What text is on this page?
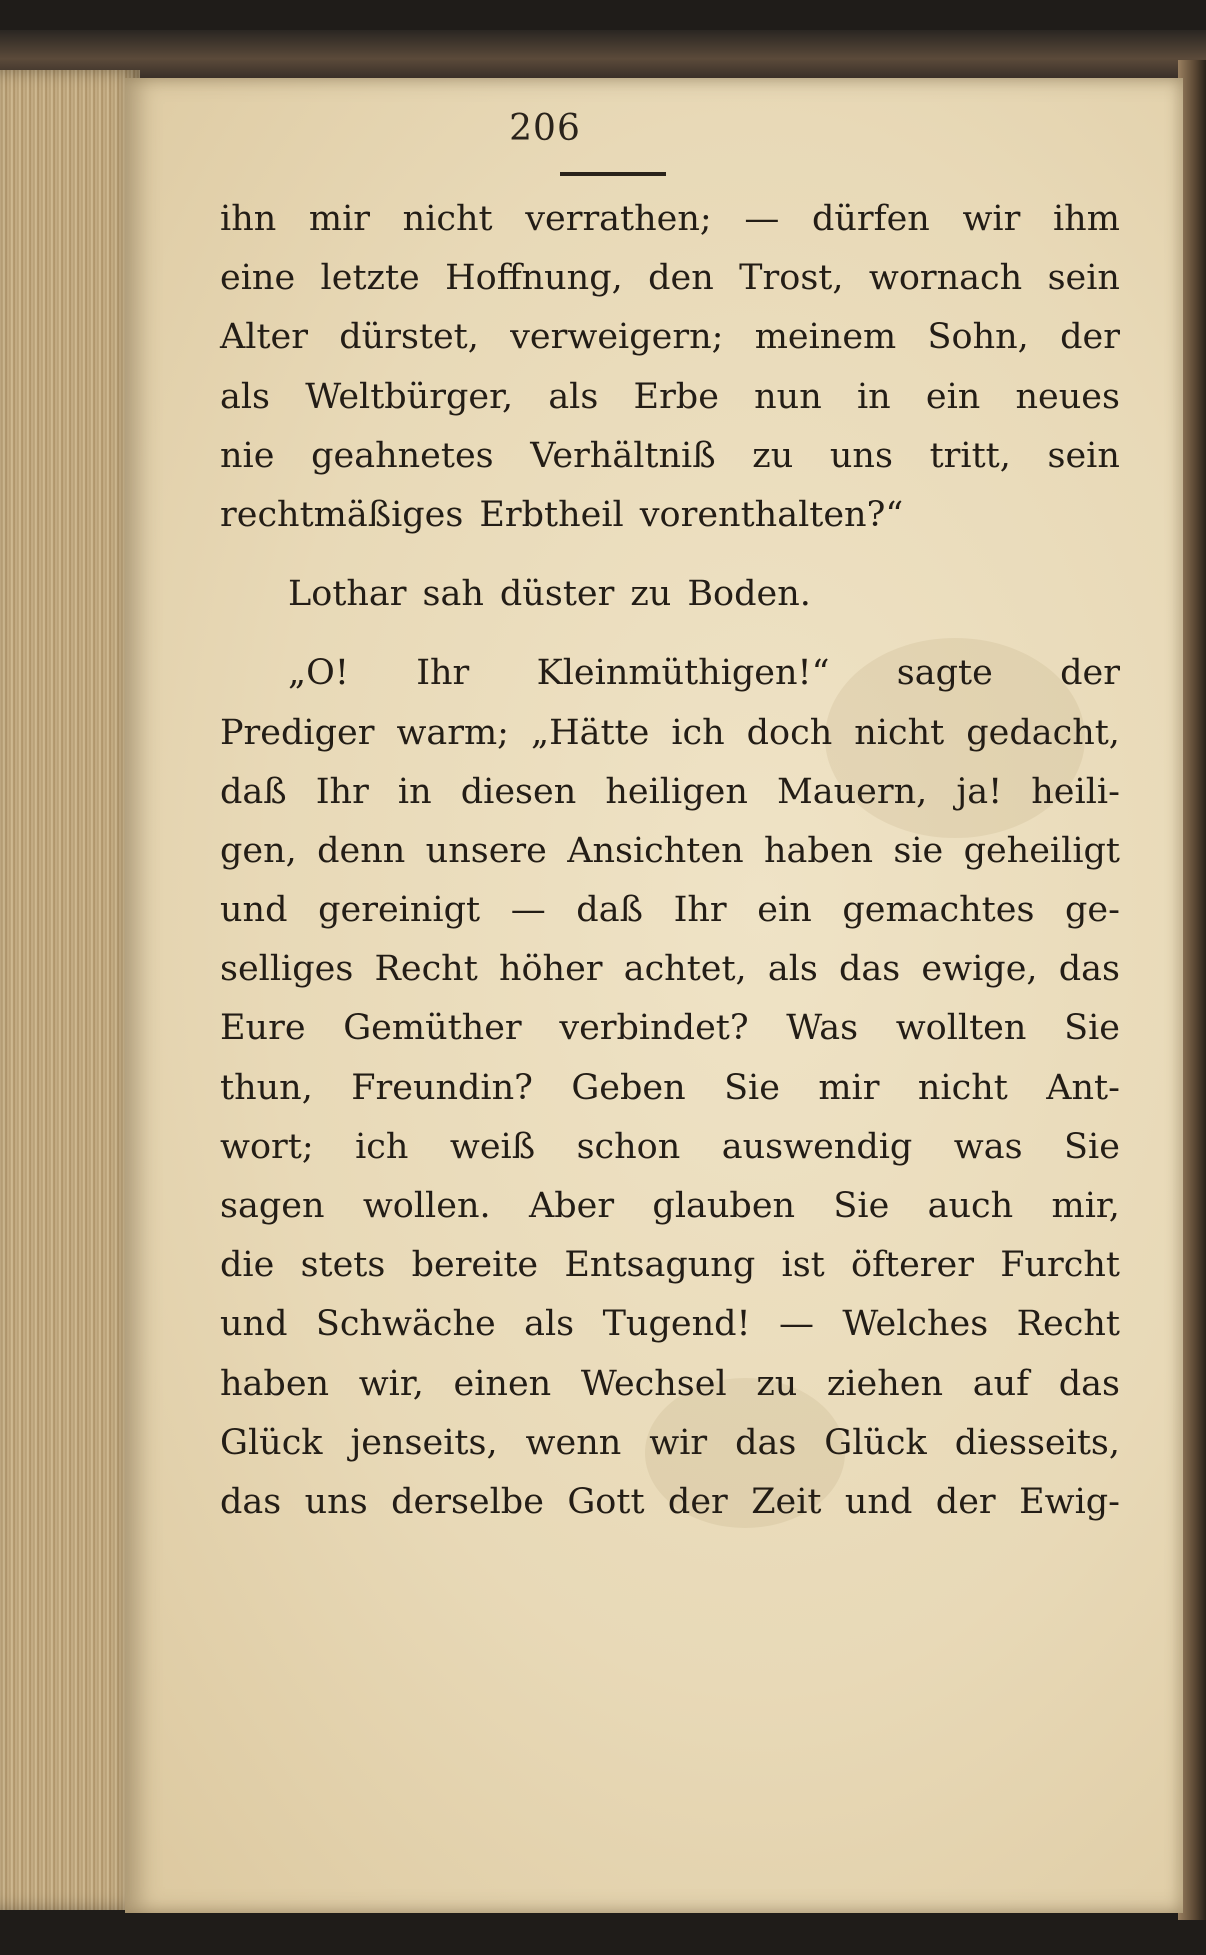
206
ihn mir nicht verrathen; — dürfen wir ihm
eine letzte Hoffnung, den Trost, wornach sein
Alter dürstet, verweigern; meinem Sohn, der
als Weltbürger, als Erbe nun in ein neues
nie geahnetes Verhältniß zu uns tritt, sein
rechtmäßiges Erbtheil vorenthalten?“
Lothar sah düster zu Boden.
„O! Ihr Kleinmüthigen!“ sagte der
Prediger warm; „Hätte ich doch nicht gedacht,
daß Ihr in diesen heiligen Mauern, ja! heili-
gen, denn unsere Ansichten haben sie geheiligt
und gereinigt — daß Ihr ein gemachtes ge-
selliges Recht höher achtet, als das ewige, das
Eure Gemüther verbindet? Was wollten Sie
thun, Freundin? Geben Sie mir nicht Ant-
wort; ich weiß schon auswendig was Sie
sagen wollen. Aber glauben Sie auch mir,
die stets bereite Entsagung ist öfterer Furcht
und Schwäche als Tugend! — Welches Recht
haben wir, einen Wechsel zu ziehen auf das
Glück jenseits, wenn wir das Glück diesseits,
das uns derselbe Gott der Zeit und der Ewig-
